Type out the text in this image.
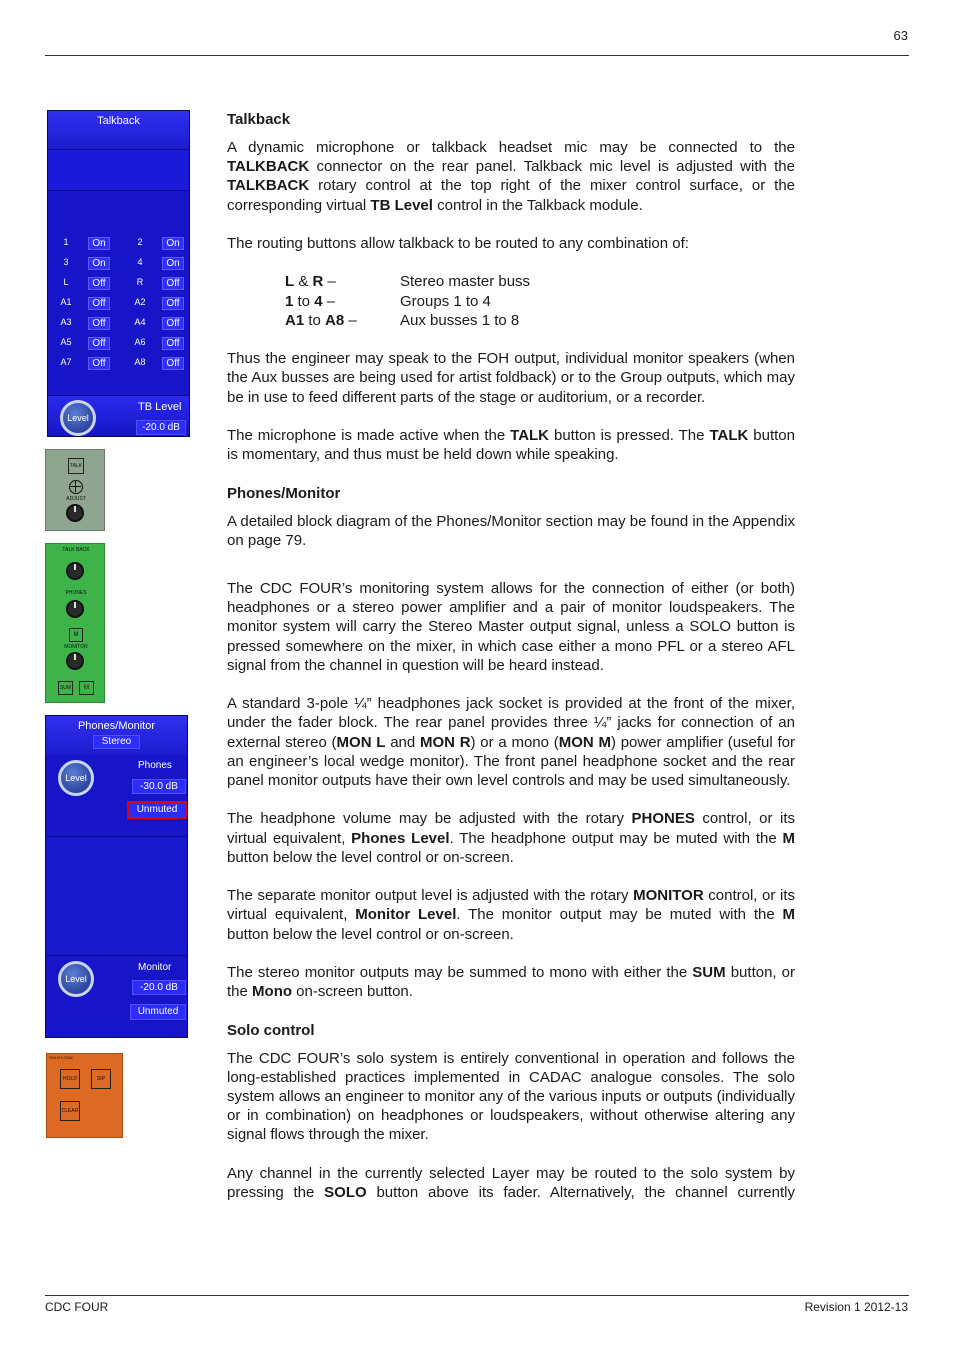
63
CDC FOUR	Revision 1 2012-13
Talkback
1	On	2	On
3	On	4	On
L	Off	R	Off
A1	Off	A2	Off
A3	Off	A4	Off
A5	Off	A6	Off
A7	Off	A8	Off
Level
TB Level
-20.0 dB
TALK
ADJUST
TALK BACK
PHONES
M
MONITOR
SUM	M
Phones/Monitor
Stereo
Level
Phones
-30.0 dB
Unmuted
Level
Monitor
-20.0 dB
Unmuted
SOLO LOGIC
HOLD	SIP
CLEAR
Talkback

A dynamic microphone or talkback headset mic may be connected to the TALKBACK connector on the rear panel. Talkback mic level is adjusted with the TALKBACK rotary control at the top right of the mixer control surface, or the corresponding virtual TB Level control in the Talkback module.

The routing buttons allow talkback to be routed to any combination of:

L & R –	Stereo master buss
1 to 4 –	Groups 1 to 4
A1 to A8 –	Aux busses 1 to 8

Thus the engineer may speak to the FOH output, individual monitor speakers (when the Aux busses are being used for artist foldback) or to the Group outputs, which may be in use to feed different parts of the stage or auditorium, or a recorder.

The microphone is made active when the TALK button is pressed. The TALK button is momentary, and thus must be held down while speaking.

Phones/Monitor

A detailed block diagram of the Phones/Monitor section may be found in the Appendix on page 79.

The CDC FOUR’s monitoring system allows for the connection of either (or both) headphones or a stereo power amplifier and a pair of monitor loudspeakers. The monitor system will carry the Stereo Master output signal, unless a SOLO button is pressed somewhere on the mixer, in which case either a mono PFL or a stereo AFL signal from the channel in question will be heard instead.

A standard 3-pole ¼” headphones jack socket is provided at the front of the mixer, under the fader block. The rear panel provides three ¼” jacks for connection of an external stereo (MON L and MON R) or a mono (MON M) power amplifier (useful for an engineer’s local wedge monitor). The front panel headphone socket and the rear panel monitor outputs have their own level controls and may be used simultaneously.

The headphone volume may be adjusted with the rotary PHONES control, or its virtual equivalent, Phones Level. The headphone output may be muted with the M button below the level control or on-screen.

The separate monitor output level is adjusted with the rotary MONITOR control, or its virtual equivalent, Monitor Level. The monitor output may be muted with the M button below the level control or on-screen.

The stereo monitor outputs may be summed to mono with either the SUM button, or the Mono on-screen button.

Solo control

The CDC FOUR’s solo system is entirely conventional in operation and follows the long-established practices implemented in CADAC analogue consoles. The solo system allows an engineer to monitor any of the various inputs or outputs (individually or in combination) on headphones or loudspeakers, without otherwise altering any signal flows through the mixer.

Any channel in the currently selected Layer may be routed to the solo system by pressing the SOLO button above its fader. Alternatively, the channel currently
